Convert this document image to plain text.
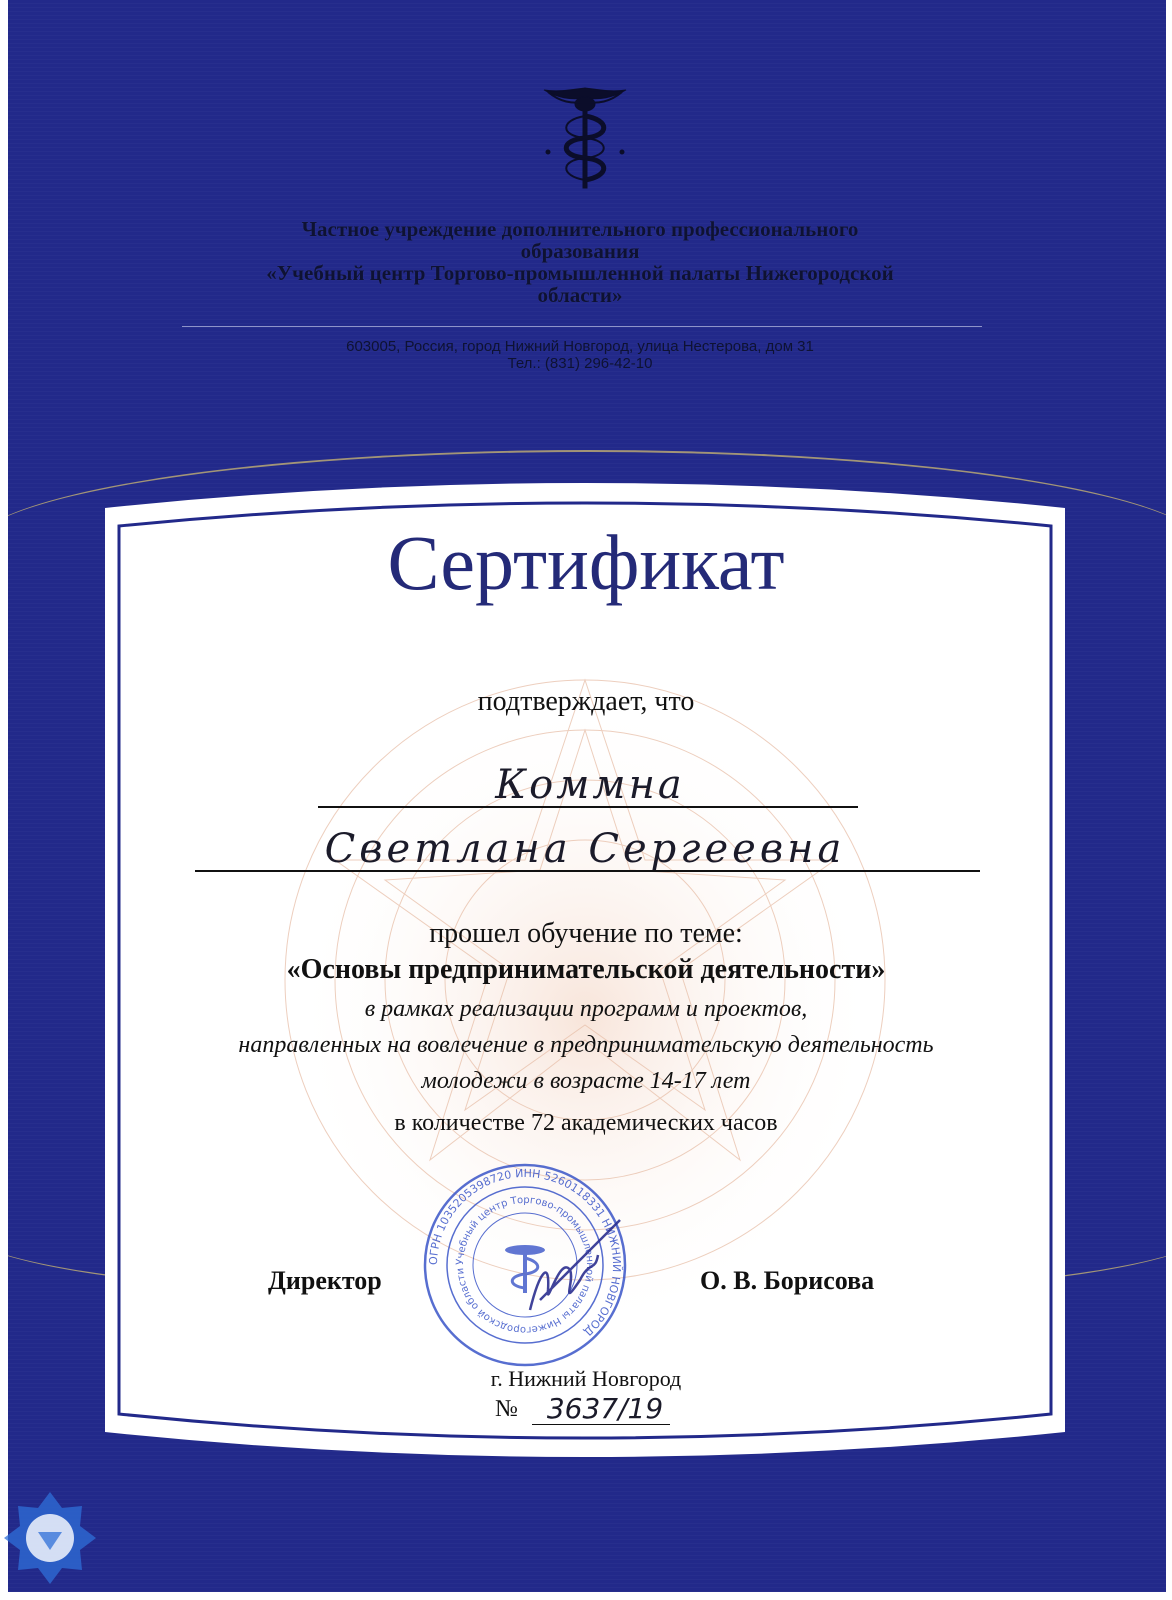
Частное учреждение дополнительного профессионального
образования
«Учебный центр Торгово-промышленной палаты Нижегородской
области»
603005, Россия, город Нижний Новгород, улица Нестерова, дом 31
Тел.: (831) 296-42-10
Сертификат
подтверждает, что
Коммна
Светлана Сергеевна
прошел обучение по теме:
«Основы предпринимательской деятельности»
в рамках реализации программ и проектов,
направленных на вовлечение в предпринимательскую деятельность
молодежи в возрасте 14-17 лет
в количестве 72 академических часов
Директор	О. В. Борисова
ОГРН 1035205398720 ИНН 5260118331 НИЖНИЙ НОВГОРОД
Учебный центр Торгово-промышленной палаты Нижегородской области
г. Нижний Новгород
№ 3637/19
